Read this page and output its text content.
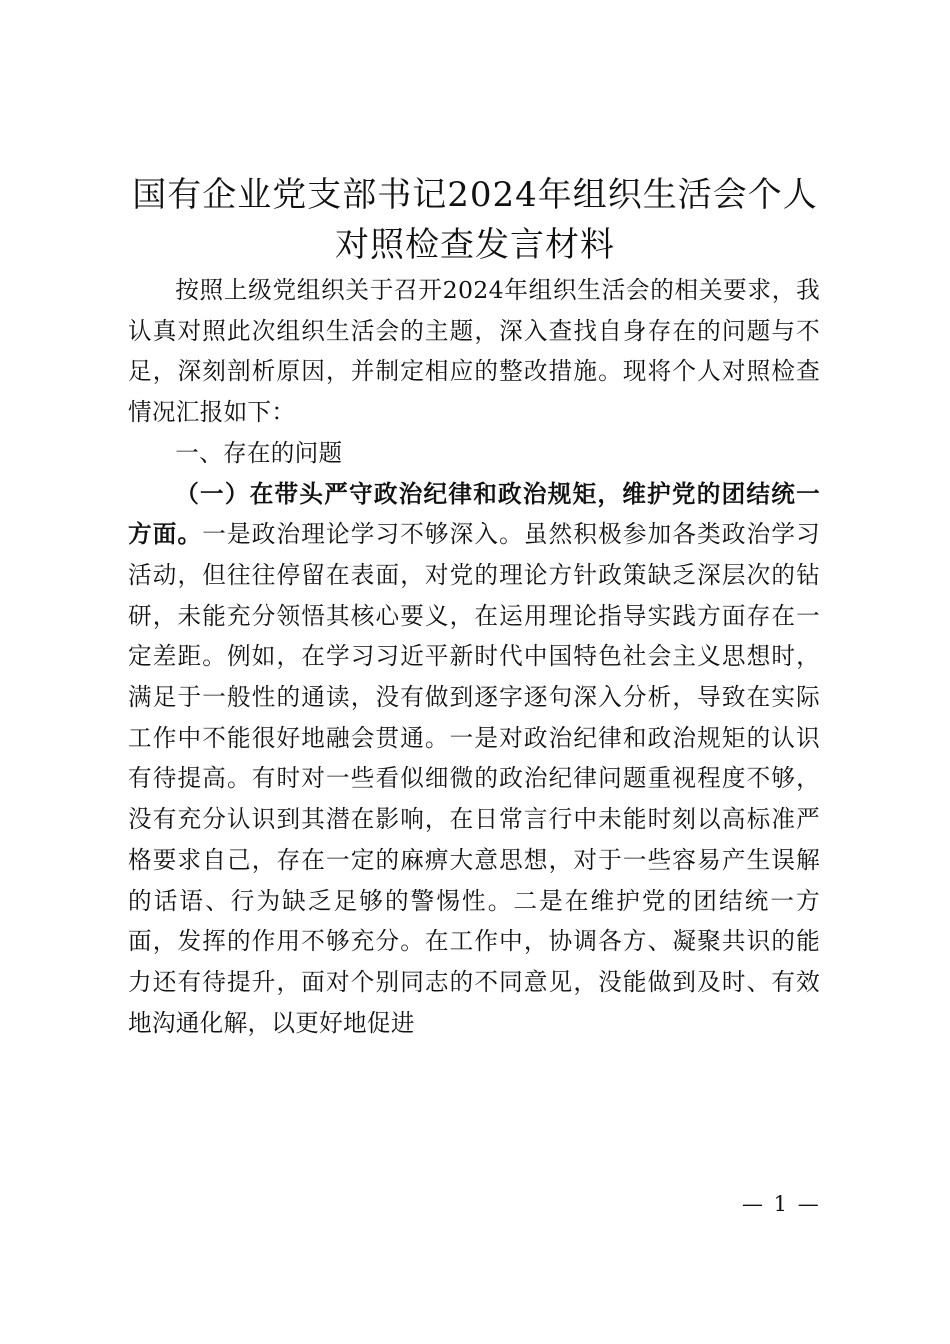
国有企业党支部书记2024年组织生活会个人
对照检查发言材料

按照上级党组织关于召开2024年组织生活会的相关要求，我认真对照此次组织生活会的主题，深入查找自身存在的问题与不足，深刻剖析原因，并制定相应的整改措施。现将个人对照检查情况汇报如下：

一、存在的问题

（一）在带头严守政治纪律和政治规矩，维护党的团结统一方面。一是政治理论学习不够深入。虽然积极参加各类政治学习活动，但往往停留在表面，对党的理论方针政策缺乏深层次的钻研，未能充分领悟其核心要义，在运用理论指导实践方面存在一定差距。例如，在学习习近平新时代中国特色社会主义思想时，满足于一般性的通读，没有做到逐字逐句深入分析，导致在实际工作中不能很好地融会贯通。一是对政治纪律和政治规矩的认识有待提高。有时对一些看似细微的政治纪律问题重视程度不够，没有充分认识到其潜在影响，在日常言行中未能时刻以高标准严格要求自己，存在一定的麻痹大意思想，对于一些容易产生误解的话语、行为缺乏足够的警惕性。二是在维护党的团结统一方面，发挥的作用不够充分。在工作中，协调各方、凝聚共识的能力还有待提升，面对个别同志的不同意见，没能做到及时、有效地沟通化解，以更好地促进

— 1 —
